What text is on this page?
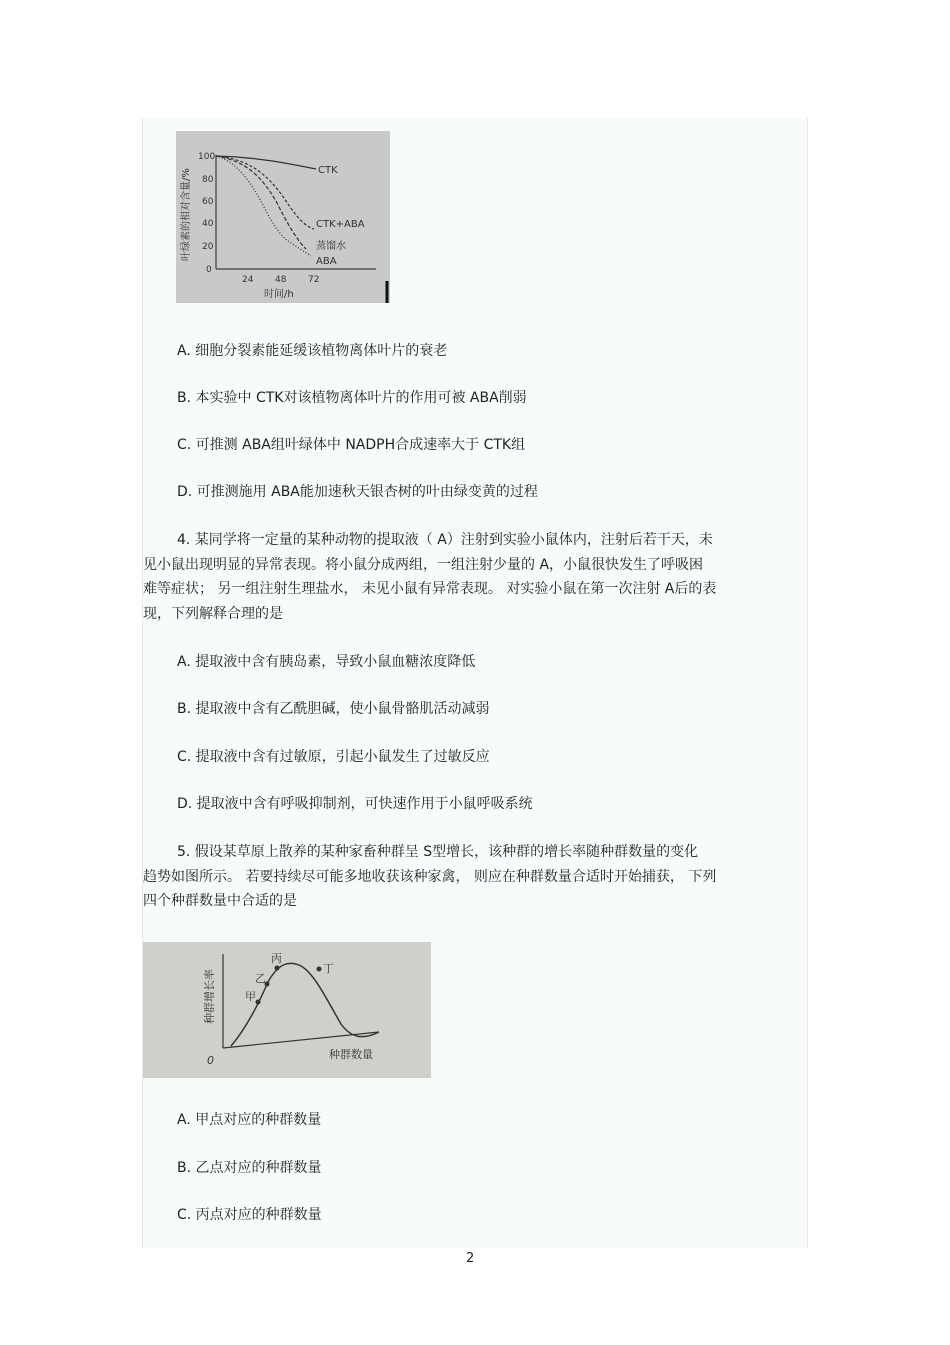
叶绿素的相对含量/%
100
80
60
40
20
0
24 48 72
时间/h
CTK
CTK+ABA
蒸馏水
ABA
A. 细胞分裂素能延缓该植物离体叶片的衰老
B. 本实验中 CTK对该植物离体叶片的作用可被 ABA削弱
C. 可推测 ABA组叶绿体中 NADPH合成速率大于 CTK组
D. 可推测施用 ABA能加速秋天银杏树的叶由绿变黄的过程
4. 某同学将一定量的某种动物的提取液（ A）注射到实验小鼠体内，注射后若干天，未
见小鼠出现明显的异常表现。将小鼠分成两组，一组注射少量的 A，小鼠很快发生了呼吸困
难等症状； 另一组注射生理盐水， 未见小鼠有异常表现。 对实验小鼠在第一次注射 A后的表
现，下列解释合理的是
A. 提取液中含有胰岛素，导致小鼠血糖浓度降低
B. 提取液中含有乙酰胆碱，使小鼠骨骼肌活动减弱
C. 提取液中含有过敏原，引起小鼠发生了过敏反应
D. 提取液中含有呼吸抑制剂，可快速作用于小鼠呼吸系统
5. 假设某草原上散养的某种家畜种群呈 S型增长，该种群的增长率随种群数量的变化
趋势如图所示。 若要持续尽可能多地收获该种家禽， 则应在种群数量合适时开始捕获， 下列
四个种群数量中合适的是
种群增长率
种群数量
0
甲
乙
丙
丁
A. 甲点对应的种群数量
B. 乙点对应的种群数量
C. 丙点对应的种群数量
2
